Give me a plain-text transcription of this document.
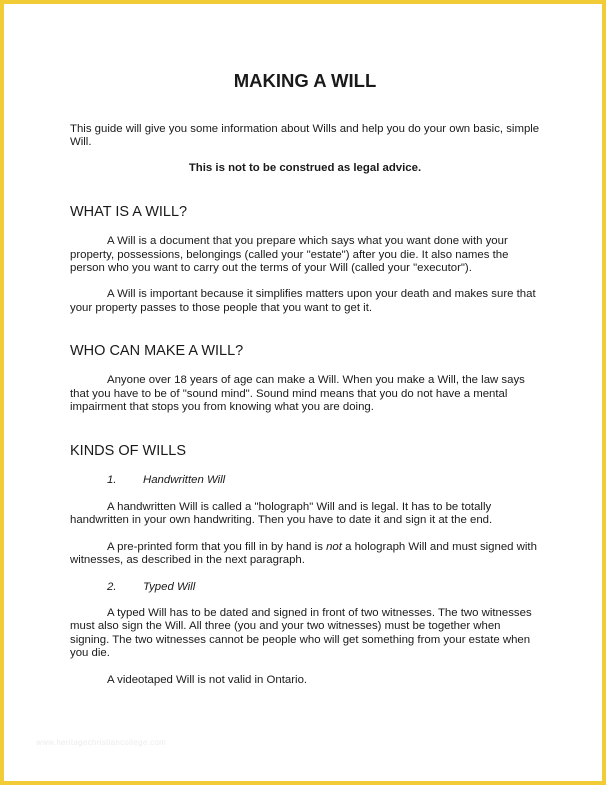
MAKING A WILL

This guide will give you some information about Wills and help you do your own basic, simple Will.

This is not to be construed as legal advice.

WHAT IS A WILL?

A Will is a document that you prepare which says what you want done with your property, possessions, belongings (called your "estate") after you die. It also names the person who you want to carry out the terms of your Will (called your "executor").

A Will is important because it simplifies matters upon your death and makes sure that your property passes to those people that you want to get it.

WHO CAN MAKE A WILL?

Anyone over 18 years of age can make a Will. When you make a Will, the law says that you have to be of "sound mind". Sound mind means that you do not have a mental impairment that stops you from knowing what you are doing.

KINDS OF WILLS
1. Handwritten Will

A handwritten Will is called a "holograph" Will and is legal. It has to be totally handwritten in your own handwriting. Then you have to date it and sign it at the end.

A pre-printed form that you fill in by hand is not a holograph Will and must signed with witnesses, as described in the next paragraph.

2. Typed Will

A typed Will has to be dated and signed in front of two witnesses. The two witnesses must also sign the Will. All three (you and your two witnesses) must be together when signing. The two witnesses cannot be people who will get something from your estate when you die.

A videotaped Will is not valid in Ontario.

www.heritagechristiancollege.com
